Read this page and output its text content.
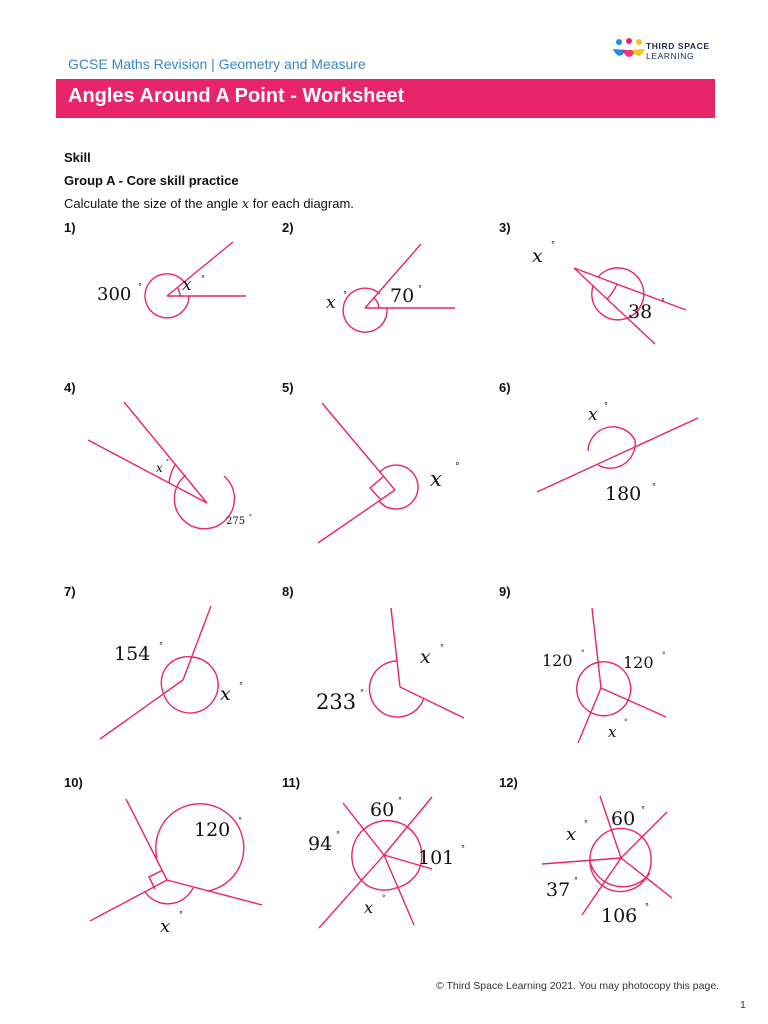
GCSE Maths Revision | Geometry and Measure
THIRD SPACE
LEARNING
Angles Around A Point - Worksheet
Skill
Group A - Core skill practice
Calculate the size of the angle x for each diagram.
1)	2)	3)
4)	5)	6)
7)	8)	9)
10)	11)	12)
300 ° x °
x ° 70 °
x
°
38 °
x °
275 °
x °
x °
180 °
154 °
x °
x °
233 °
120 ° 120 °
x
°
120 °
x
°
60 °
94 °
101 °
x °
60 °
x
°
37 °
106 °
© Third Space Learning 2021. You may photocopy this page.
1
